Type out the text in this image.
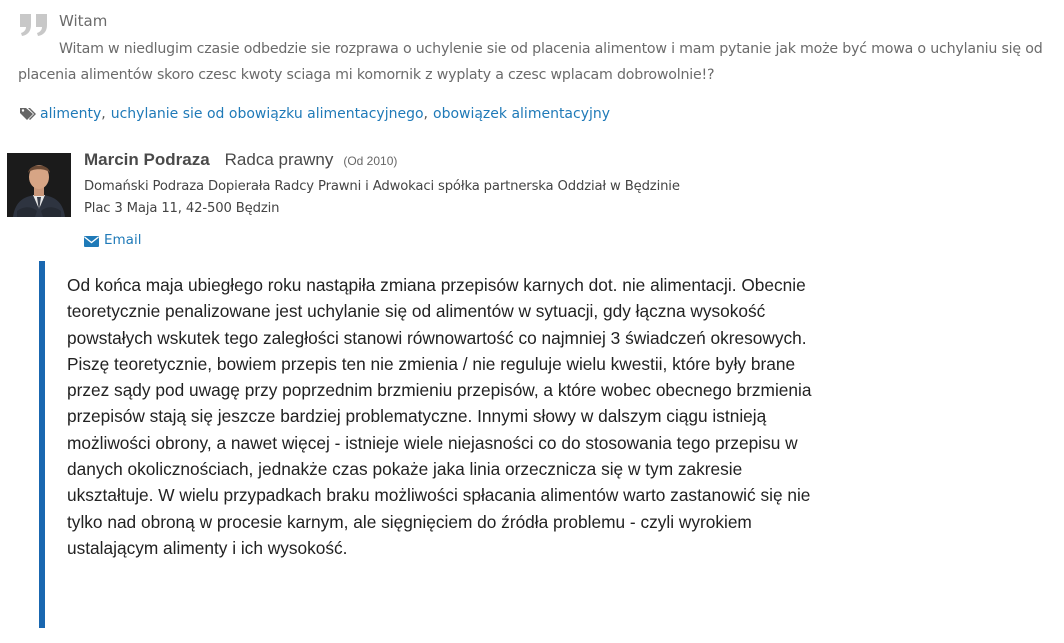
Witam

Witam w niedlugim czasie odbedzie sie rozprawa o uchylenie sie od placenia alimentow i mam pytanie jak może być mowa o uchylaniu się od placenia alimentów skoro czesc kwoty sciaga mi komornik z wyplaty a czesc wplacam dobrowolnie!?

alimenty , uchylanie sie od obowiązku alimentacyjnego , obowiązek alimentacyjny
Marcin Podraza Radca prawny (Od 2010)
Domański Podraza Dopierała Radcy Prawni i Adwokaci spółka partnerska Oddział w Będzinie
Plac 3 Maja 11, 42-500 Będzin
Email

Od końca maja ubiegłego roku nastąpiła zmiana przepisów karnych dot. nie alimentacji. Obecnie teoretycznie penalizowane jest uchylanie się od alimentów w sytuacji, gdy łączna wysokość powstałych wskutek tego zaległości stanowi równowartość co najmniej 3 świadczeń okresowych. Piszę teoretycznie, bowiem przepis ten nie zmienia / nie reguluje wielu kwestii, które były brane przez sądy pod uwagę przy poprzednim brzmieniu przepisów, a które wobec obecnego brzmienia przepisów stają się jeszcze bardziej problematyczne. Innymi słowy w dalszym ciągu istnieją możliwości obrony, a nawet więcej - istnieje wiele niejasności co do stosowania tego przepisu w danych okolicznościach, jednakże czas pokaże jaka linia orzecznicza się w tym zakresie ukształtuje. W wielu przypadkach braku możliwości spłacania alimentów warto zastanowić się nie tylko nad obroną w procesie karnym, ale sięgnięciem do źródła problemu - czyli wyrokiem ustalającym alimenty i ich wysokość.
